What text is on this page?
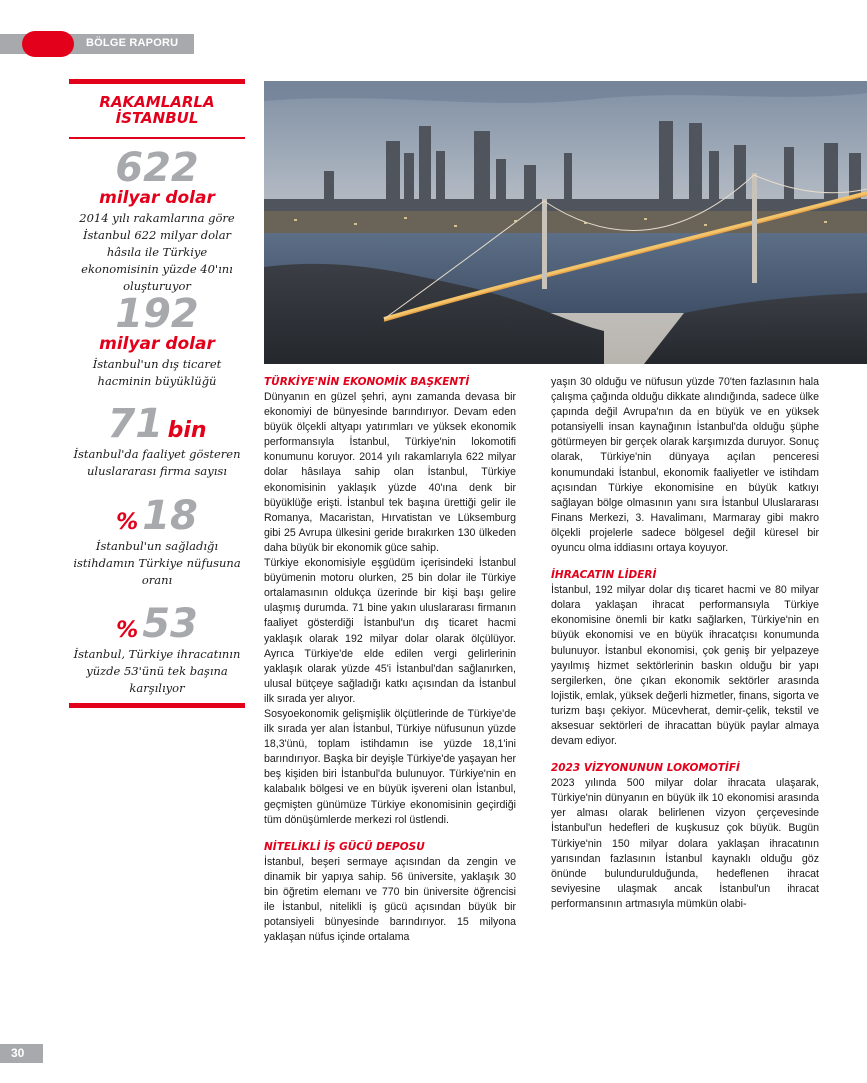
BÖLGE RAPORU
RAKAMLARLA
İSTANBUL
622
milyar dolar
2014 yılı rakamlarına göre İstanbul 622 milyar dolar hâsıla ile Türkiye ekonomisinin yüzde 40'ını oluşturuyor
192
milyar dolar
İstanbul'un dış ticaret hacminin büyüklüğü
71 bin
İstanbul'da faaliyet gösteren uluslararası firma sayısı
% 18
İstanbul'un sağladığı istihdamın Türkiye nüfusuna oranı
% 53
İstanbul, Türkiye ihracatının yüzde 53'ünü tek başına karşılıyor
TÜRKİYE'NİN EKONOMİK BAŞKENTİ

Dünyanın en güzel şehri, aynı zamanda devasa bir ekonomiyi de bünyesinde barındırıyor. Devam eden büyük ölçekli altyapı yatırımları ve yüksek ekonomik performansıyla İstanbul, Türkiye'nin lokomotifi konumunu koruyor. 2014 yılı rakamlarıyla 622 milyar dolar hâsılaya sahip olan İstanbul, Türkiye ekonomisinin yaklaşık yüzde 40'ına denk bir büyüklüğe erişti. İstanbul tek başına ürettiği gelir ile Romanya, Macaristan, Hırvatistan ve Lüksemburg gibi 25 Avrupa ülkesini geride bırakırken 130 ülkeden daha büyük bir ekonomik güce sahip.

Türkiye ekonomisiyle eşgüdüm içerisindeki İstanbul büyümenin motoru olurken, 25 bin dolar ile Türkiye ortalamasının oldukça üzerinde bir kişi başı gelire ulaşmış durumda. 71 bine yakın uluslararası firmanın faaliyet gösterdiği İstanbul'un dış ticaret hacmi yaklaşık olarak 192 milyar dolar olarak ölçülüyor. Ayrıca Türkiye'de elde edilen vergi gelirlerinin yaklaşık olarak yüzde 45'i İstanbul'dan sağlanırken, ulusal bütçeye sağladığı katkı açısından da İstanbul ilk sırada yer alıyor.

Sosyoekonomik gelişmişlik ölçütlerinde de Türkiye'de ilk sırada yer alan İstanbul, Türkiye nüfusunun yüzde 18,3'ünü, toplam istihdamın ise yüzde 18,1'ini barındırıyor. Başka bir deyişle Türkiye'de yaşayan her beş kişiden biri İstanbul'da bulunuyor. Türkiye'nin en kalabalık bölgesi ve en büyük işvereni olan İstanbul, geçmişten günümüze Türkiye ekonomisinin geçirdiği tüm dönüşümlerde merkezi rol üstlendi.

NİTELİKLİ İŞ GÜCÜ DEPOSU

İstanbul, beşeri sermaye açısından da zengin ve dinamik bir yapıya sahip. 56 üniversite, yaklaşık 30 bin öğretim elemanı ve 770 bin üniversite öğrencisi ile İstanbul, nitelikli iş gücü açısından büyük bir potansiyeli bünyesinde barındırıyor. 15 milyona yaklaşan nüfus içinde ortalama

yaşın 30 olduğu ve nüfusun yüzde 70'ten fazlasının hala çalışma çağında olduğu dikkate alındığında, sadece ülke çapında değil Avrupa'nın da en büyük ve en yüksek potansiyelli insan kaynağının İstanbul'da olduğu şüphe götürmeyen bir gerçek olarak karşımızda duruyor. Sonuç olarak, Türkiye'nin dünyaya açılan penceresi konumundaki İstanbul, ekonomik faaliyetler ve istihdam açısından Türkiye ekonomisine en büyük katkıyı sağlayan bölge olmasının yanı sıra İstanbul Uluslararası Finans Merkezi, 3. Havalimanı, Marmaray gibi makro ölçekli projelerle sadece bölgesel değil küresel bir oyuncu olma iddiasını ortaya koyuyor.

İHRACATIN LİDERİ

İstanbul, 192 milyar dolar dış ticaret hacmi ve 80 milyar dolara yaklaşan ihracat performansıyla Türkiye ekonomisine önemli bir katkı sağlarken, Türkiye'nin en büyük ekonomisi ve en büyük ihracatçısı konumunda bulunuyor. İstanbul ekonomisi, çok geniş bir yelpazeye yayılmış hizmet sektörlerinin baskın olduğu bir yapı sergilerken, öne çıkan ekonomik sektörler arasında lojistik, emlak, yüksek değerli hizmetler, finans, sigorta ve turizm başı çekiyor. Mücevherat, demir-çelik, tekstil ve aksesuar sektörleri de ihracattan büyük paylar almaya devam ediyor.

2023 VİZYONUNUN LOKOMOTİFİ

2023 yılında 500 milyar dolar ihracata ulaşarak, Türkiye'nin dünyanın en büyük ilk 10 ekonomisi arasında yer alması olarak belirlenen vizyon çerçevesinde İstanbul'un hedefleri de kuşkusuz çok büyük. Bugün Türkiye'nin 150 milyar dolara yaklaşan ihracatının yarısından fazlasının İstanbul kaynaklı olduğu göz önünde bulundurulduğunda, hedeflenen ihracat seviyesine ulaşmak ancak İstanbul'un ihracat performansının artmasıyla mümkün olabi-

30
